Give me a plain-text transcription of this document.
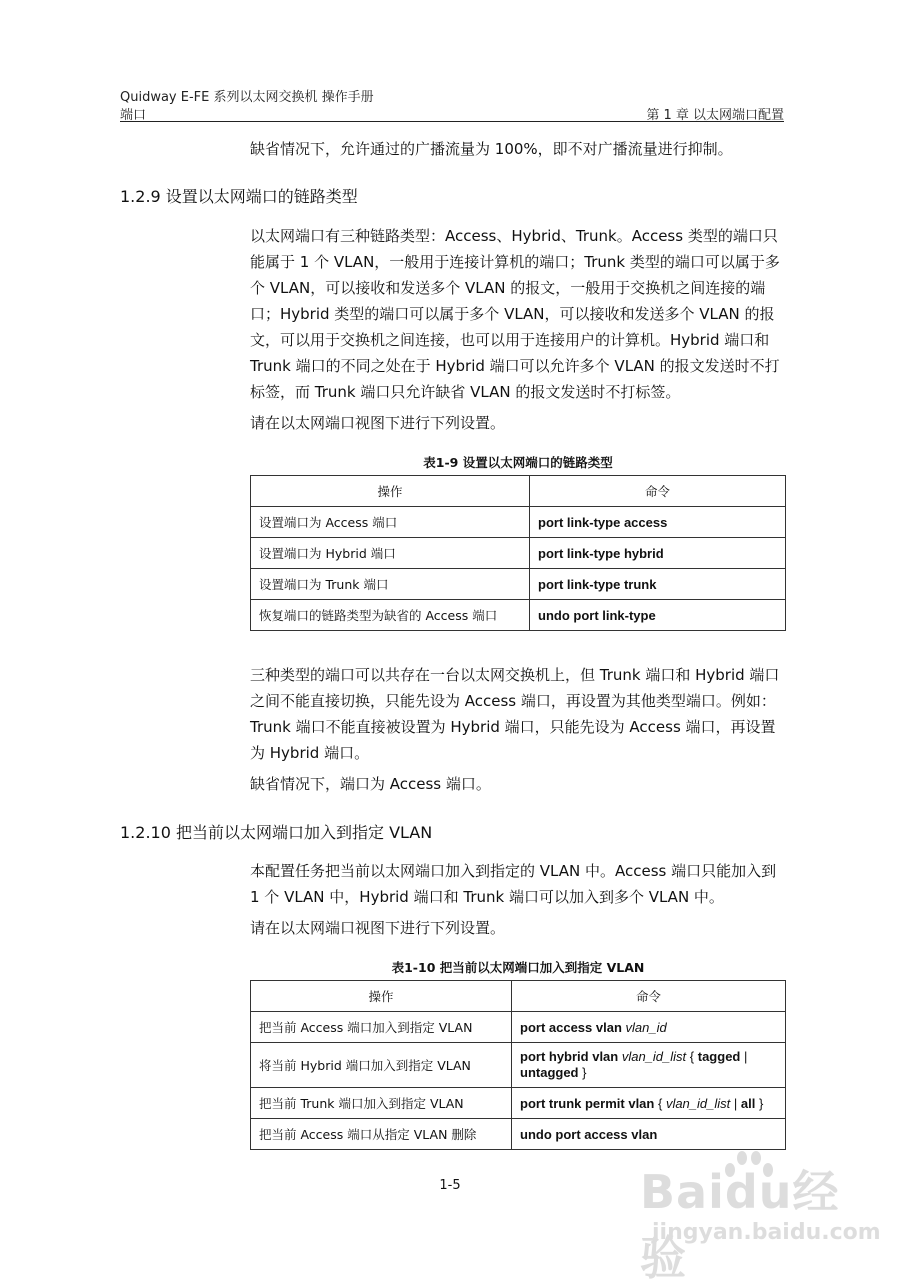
Quidway E-FE 系列以太网交换机 操作手册
端口	第 1 章 以太网端口配置

缺省情况下，允许通过的广播流量为 100%，即不对广播流量进行抑制。

1.2.9 设置以太网端口的链路类型

以太网端口有三种链路类型：Access、Hybrid、Trunk。Access 类型的端口只能属于 1 个 VLAN，一般用于连接计算机的端口；Trunk 类型的端口可以属于多个 VLAN，可以接收和发送多个 VLAN 的报文，一般用于交换机之间连接的端口；Hybrid 类型的端口可以属于多个 VLAN，可以接收和发送多个 VLAN 的报文，可以用于交换机之间连接，也可以用于连接用户的计算机。Hybrid 端口和 Trunk 端口的不同之处在于 Hybrid 端口可以允许多个 VLAN 的报文发送时不打标签，而 Trunk 端口只允许缺省 VLAN 的报文发送时不打标签。

请在以太网端口视图下进行下列设置。

表1-9 设置以太网端口的链路类型
操作	命令
设置端口为 Access 端口	port link-type access
设置端口为 Hybrid 端口	port link-type hybrid
设置端口为 Trunk 端口	port link-type trunk
恢复端口的链路类型为缺省的 Access 端口	undo port link-type

三种类型的端口可以共存在一台以太网交换机上，但 Trunk 端口和 Hybrid 端口之间不能直接切换，只能先设为 Access 端口，再设置为其他类型端口。例如：Trunk 端口不能直接被设置为 Hybrid 端口，只能先设为 Access 端口，再设置为 Hybrid 端口。

缺省情况下，端口为 Access 端口。

1.2.10 把当前以太网端口加入到指定 VLAN

本配置任务把当前以太网端口加入到指定的 VLAN 中。Access 端口只能加入到 1 个 VLAN 中，Hybrid 端口和 Trunk 端口可以加入到多个 VLAN 中。

请在以太网端口视图下进行下列设置。

表1-10 把当前以太网端口加入到指定 VLAN
操作	命令
把当前 Access 端口加入到指定 VLAN	port access vlan vlan_id
将当前 Hybrid 端口加入到指定 VLAN	port hybrid vlan vlan_id_list { tagged |
untagged }
把当前 Trunk 端口加入到指定 VLAN	port trunk permit vlan { vlan_id_list | all }
把当前 Access 端口从指定 VLAN 删除	undo port access vlan
1-5	Baidu经验
jingyan.baidu.com
